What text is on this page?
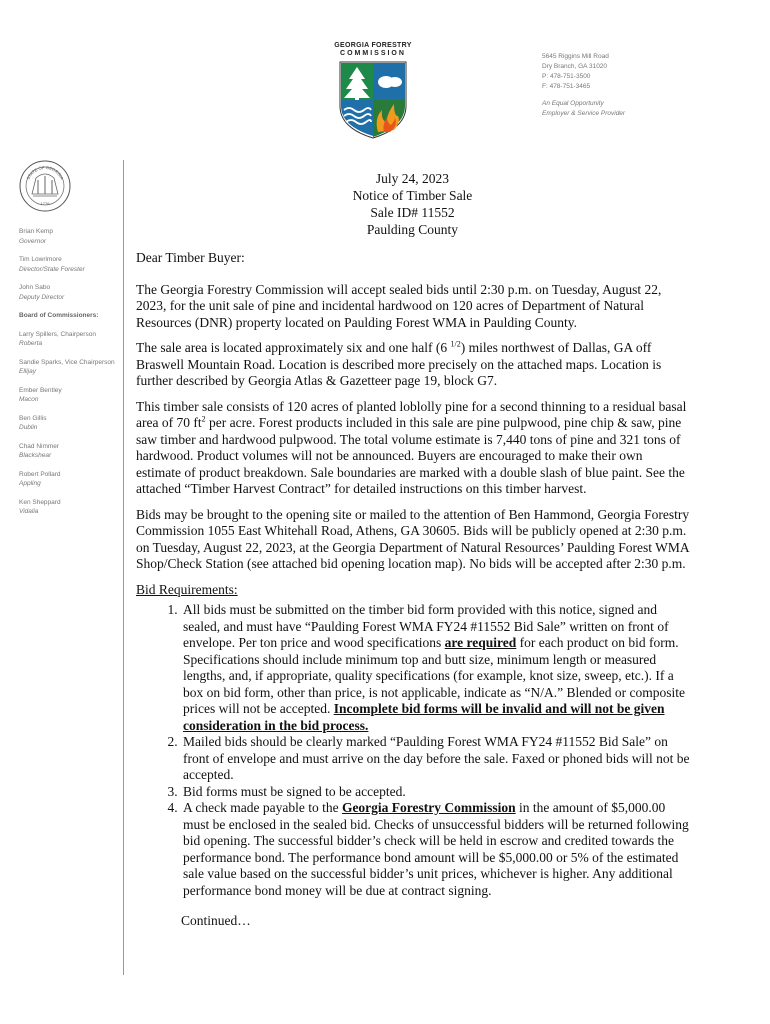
GEORGIA FORESTRY
COMMISSION	5645 Riggins Mill Road
Dry Branch, GA 31020
P: 478-751-3500
F: 478-751-3465
An Equal Opportunity
Employer & Service Provider
1776
STATE OF GEORGIA
Brian Kemp
Governor
Tim Lowrimore
Director/State Forester
John Sabo
Deputy Director
Board of Commissioners:
Larry Spillers, Chairperson
Roberta
Sandie Sparks, Vice Chairperson
Ellijay
Ember Bentley
Macon
Ben Gillis
Dublin
Chad Nimmer
Blackshear
Robert Pollard
Appling
Ken Sheppard
Vidalia
July 24, 2023
Notice of Timber Sale
Sale ID# 11552
Paulding County

Dear Timber Buyer:

The Georgia Forestry Commission will accept sealed bids until 2:30 p.m. on Tuesday, August 22, 2023, for the unit sale of pine and incidental hardwood on 120 acres of Department of Natural Resources (DNR) property located on Paulding Forest WMA in Paulding County.

The sale area is located approximately six and one half (6 $^{1/2}$) miles northwest of Dallas, GA off Braswell Mountain Road. Location is described more precisely on the attached maps. Location is further described by Georgia Atlas & Gazetteer page 19, block G7.

This timber sale consists of 120 acres of planted loblolly pine for a second thinning to a residual basal area of 70 $ft^2$ per acre. Forest products included in this sale are pine pulpwood, pine chip & saw, pine saw timber and hardwood pulpwood. The total volume estimate is 7,440 tons of pine and 321 tons of hardwood. Product volumes will not be announced. Buyers are encouraged to make their own estimate of product breakdown. Sale boundaries are marked with a double slash of blue paint. See the attached “Timber Harvest Contract” for detailed instructions on this timber harvest.

Bids may be brought to the opening site or mailed to the attention of Ben Hammond, Georgia Forestry Commission 1055 East Whitehall Road, Athens, GA 30605. Bids will be publicly opened at 2:30 p.m. on Tuesday, August 22, 2023, at the Georgia Department of Natural Resources’ Paulding Forest WMA Shop/Check Station (see attached bid opening location map). No bids will be accepted after 2:30 p.m.

Bid Requirements:
1. All bids must be submitted on the timber bid form provided with this notice, signed and sealed, and must have “Paulding Forest WMA FY24 #11552 Bid Sale” written on front of envelope. Per ton price and wood specifications are required for each product on bid form. Specifications should include minimum top and butt size, minimum length or measured lengths, and, if appropriate, quality specifications (for example, knot size, sweep, etc.). If a box on bid form, other than price, is not applicable, indicate as “N/A.” Blended or composite prices will not be accepted. Incomplete bid forms will be invalid and will not be given consideration in the bid process.
2. Mailed bids should be clearly marked “Paulding Forest WMA FY24 #11552 Bid Sale” on front of envelope and must arrive on the day before the sale. Faxed or phoned bids will not be accepted.
3. Bid forms must be signed to be accepted.
4. A check made payable to the Georgia Forestry Commission in the amount of $5,000.00 must be enclosed in the sealed bid. Checks of unsuccessful bidders will be returned following bid opening. The successful bidder’s check will be held in escrow and credited towards the performance bond. The performance bond amount will be $5,000.00 or 5% of the estimated sale value based on the successful bidder’s unit prices, whichever is higher. Any additional performance bond money will be due at contract signing.
Continued…
